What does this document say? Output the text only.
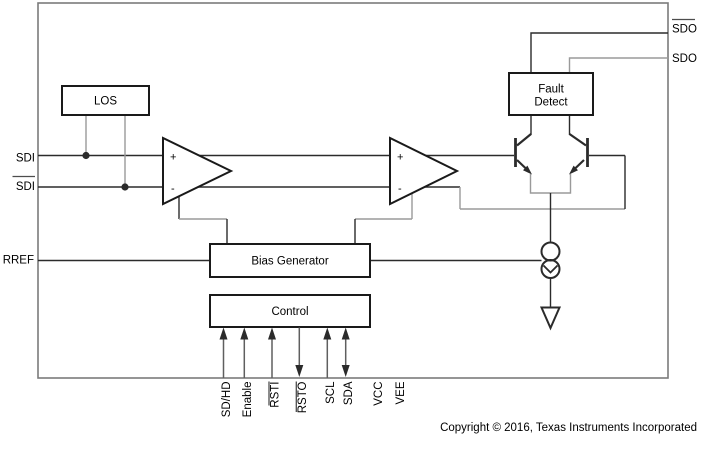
+
-
+
-
LOS
Fault
Detect
Bias Generator
Control
SD/HD Enable RSTI RSTO SCL SDA VCC VEE
SDI
SDI
RREF
SDO
SDO
Copyright © 2016, Texas Instruments Incorporated
